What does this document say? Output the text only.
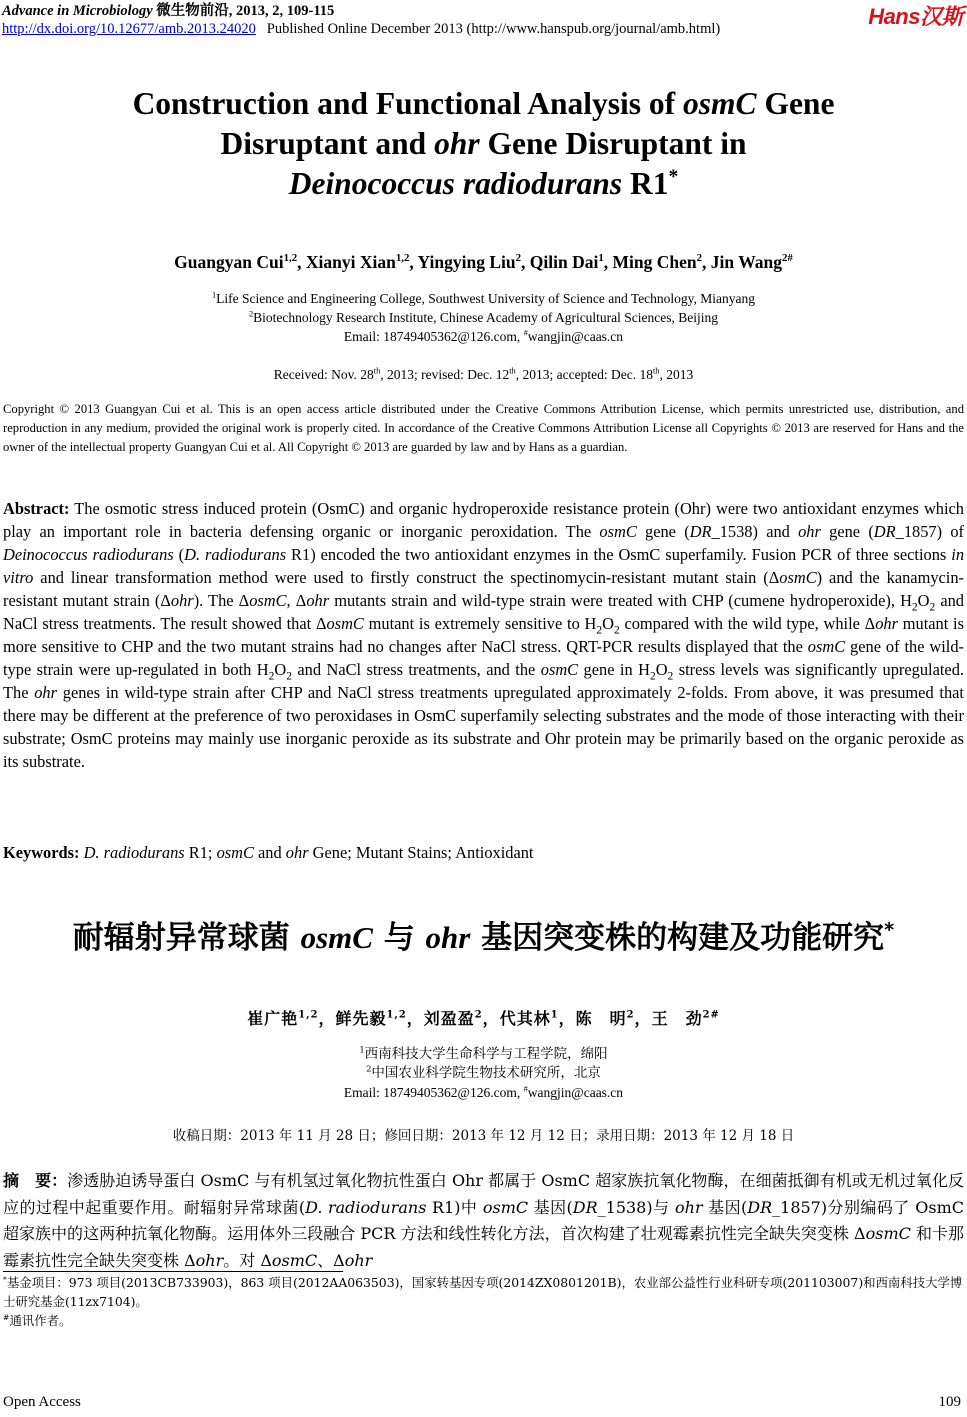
Advance in Microbiology 微生物前沿, 2013, 2, 109-115
http://dx.doi.org/10.12677/amb.2013.24020 Published Online December 2013 (http://www.hanspub.org/journal/amb.html)	Hans汉斯
Construction and Functional Analysis of osmC Gene
Disruptant and ohr Gene Disruptant in
Deinococcus radiodurans R1*
Guangyan Cui$^{1,2}$, Xianyi Xian$^{1,2}$, Yingying Liu$^2$, Qilin Dai$^1$, Ming Chen$^2$, Jin Wang$^{2\#}$
$^1$Life Science and Engineering College, Southwest University of Science and Technology, Mianyang
$^2$Biotechnology Research Institute, Chinese Academy of Agricultural Sciences, Beijing
Email: 18749405362@126.com, #wangjin@caas.cn
Received: Nov. 28th, 2013; revised: Dec. 12th, 2013; accepted: Dec. 18th, 2013
Copyright © 2013 Guangyan Cui et al. This is an open access article distributed under the Creative Commons Attribution License, which permits unrestricted use, distribution, and reproduction in any medium, provided the original work is properly cited. In accordance of the Creative Commons Attribution License all Copyrights © 2013 are reserved for Hans and the owner of the intellectual property Guangyan Cui et al. All Copyright © 2013 are guarded by law and by Hans as a guardian.
Abstract: The osmotic stress induced protein (OsmC) and organic hydroperoxide resistance protein (Ohr) were two antioxidant enzymes which play an important role in bacteria defensing organic or inorganic peroxidation. The osmC gene (DR_1538) and ohr gene (DR_1857) of Deinococcus radiodurans (D. radiodurans R1) encoded the two antioxidant enzymes in the OsmC superfamily. Fusion PCR of three sections in vitro and linear transformation method were used to firstly construct the spectinomycin-resistant mutant stain (ΔosmC) and the kanamycin-resistant mutant strain (Δohr). The ΔosmC, Δohr mutants strain and wild-type strain were treated with CHP (cumene hydroperoxide), $H_2O_2$ and NaCl stress treatments. The result showed that ΔosmC mutant is extremely sensitive to $H_2O_2$ compared with the wild type, while Δohr mutant is more sensitive to CHP and the two mutant strains had no changes after NaCl stress. QRT-PCR results displayed that the osmC gene of the wild-type strain were up-regulated in both $H_2O_2$ and NaCl stress treatments, and the osmC gene in $H_2O_2$ stress levels was significantly upregulated. The ohr genes in wild-type strain after CHP and NaCl stress treatments upregulated approximately 2-folds. From above, it was presumed that there may be different at the preference of two peroxidases in OsmC superfamily selecting substrates and the mode of those interacting with their substrate; OsmC proteins may mainly use inorganic peroxide as its substrate and Ohr protein may be primarily based on the organic peroxide as its substrate.
Keywords: D. radiodurans R1; osmC and ohr Gene; Mutant Stains; Antioxidant
耐辐射异常球菌 osmC 与 ohr 基因突变株的构建及功能研究*
崔广艳$^{1,2}$，鲜先毅$^{1,2}$，刘盈盈$^2$，代其林$^1$，陈　明$^2$，王　劲$^{2\#}$
$^1$西南科技大学生命科学与工程学院，绵阳
$^2$中国农业科学院生物技术研究所，北京
Email: 18749405362@126.com, #wangjin@caas.cn
收稿日期：2013 年 11 月 28 日；修回日期：2013 年 12 月 12 日；录用日期：2013 年 12 月 18 日
摘　要：渗透胁迫诱导蛋白 OsmC 与有机氢过氧化物抗性蛋白 Ohr 都属于 OsmC 超家族抗氧化物酶，在细菌抵御有机或无机过氧化反应的过程中起重要作用。耐辐射异常球菌(D. radiodurans R1)中 osmC 基因(DR_1538)与 ohr 基因(DR_1857)分别编码了 OsmC 超家族中的这两种抗氧化物酶。运用体外三段融合 PCR 方法和线性转化方法，首次构建了壮观霉素抗性完全缺失突变株 ΔosmC 和卡那霉素抗性完全缺失突变株 Δohr。对 ΔosmC、Δohr
*基金项目：973 项目(2013CB733903)，863 项目(2012AA063503)，国家转基因专项(2014ZX0801201B)，农业部公益性行业科研专项(201103007)和西南科技大学博士研究基金(11zx7104)。
#通讯作者。
Open Access	109
